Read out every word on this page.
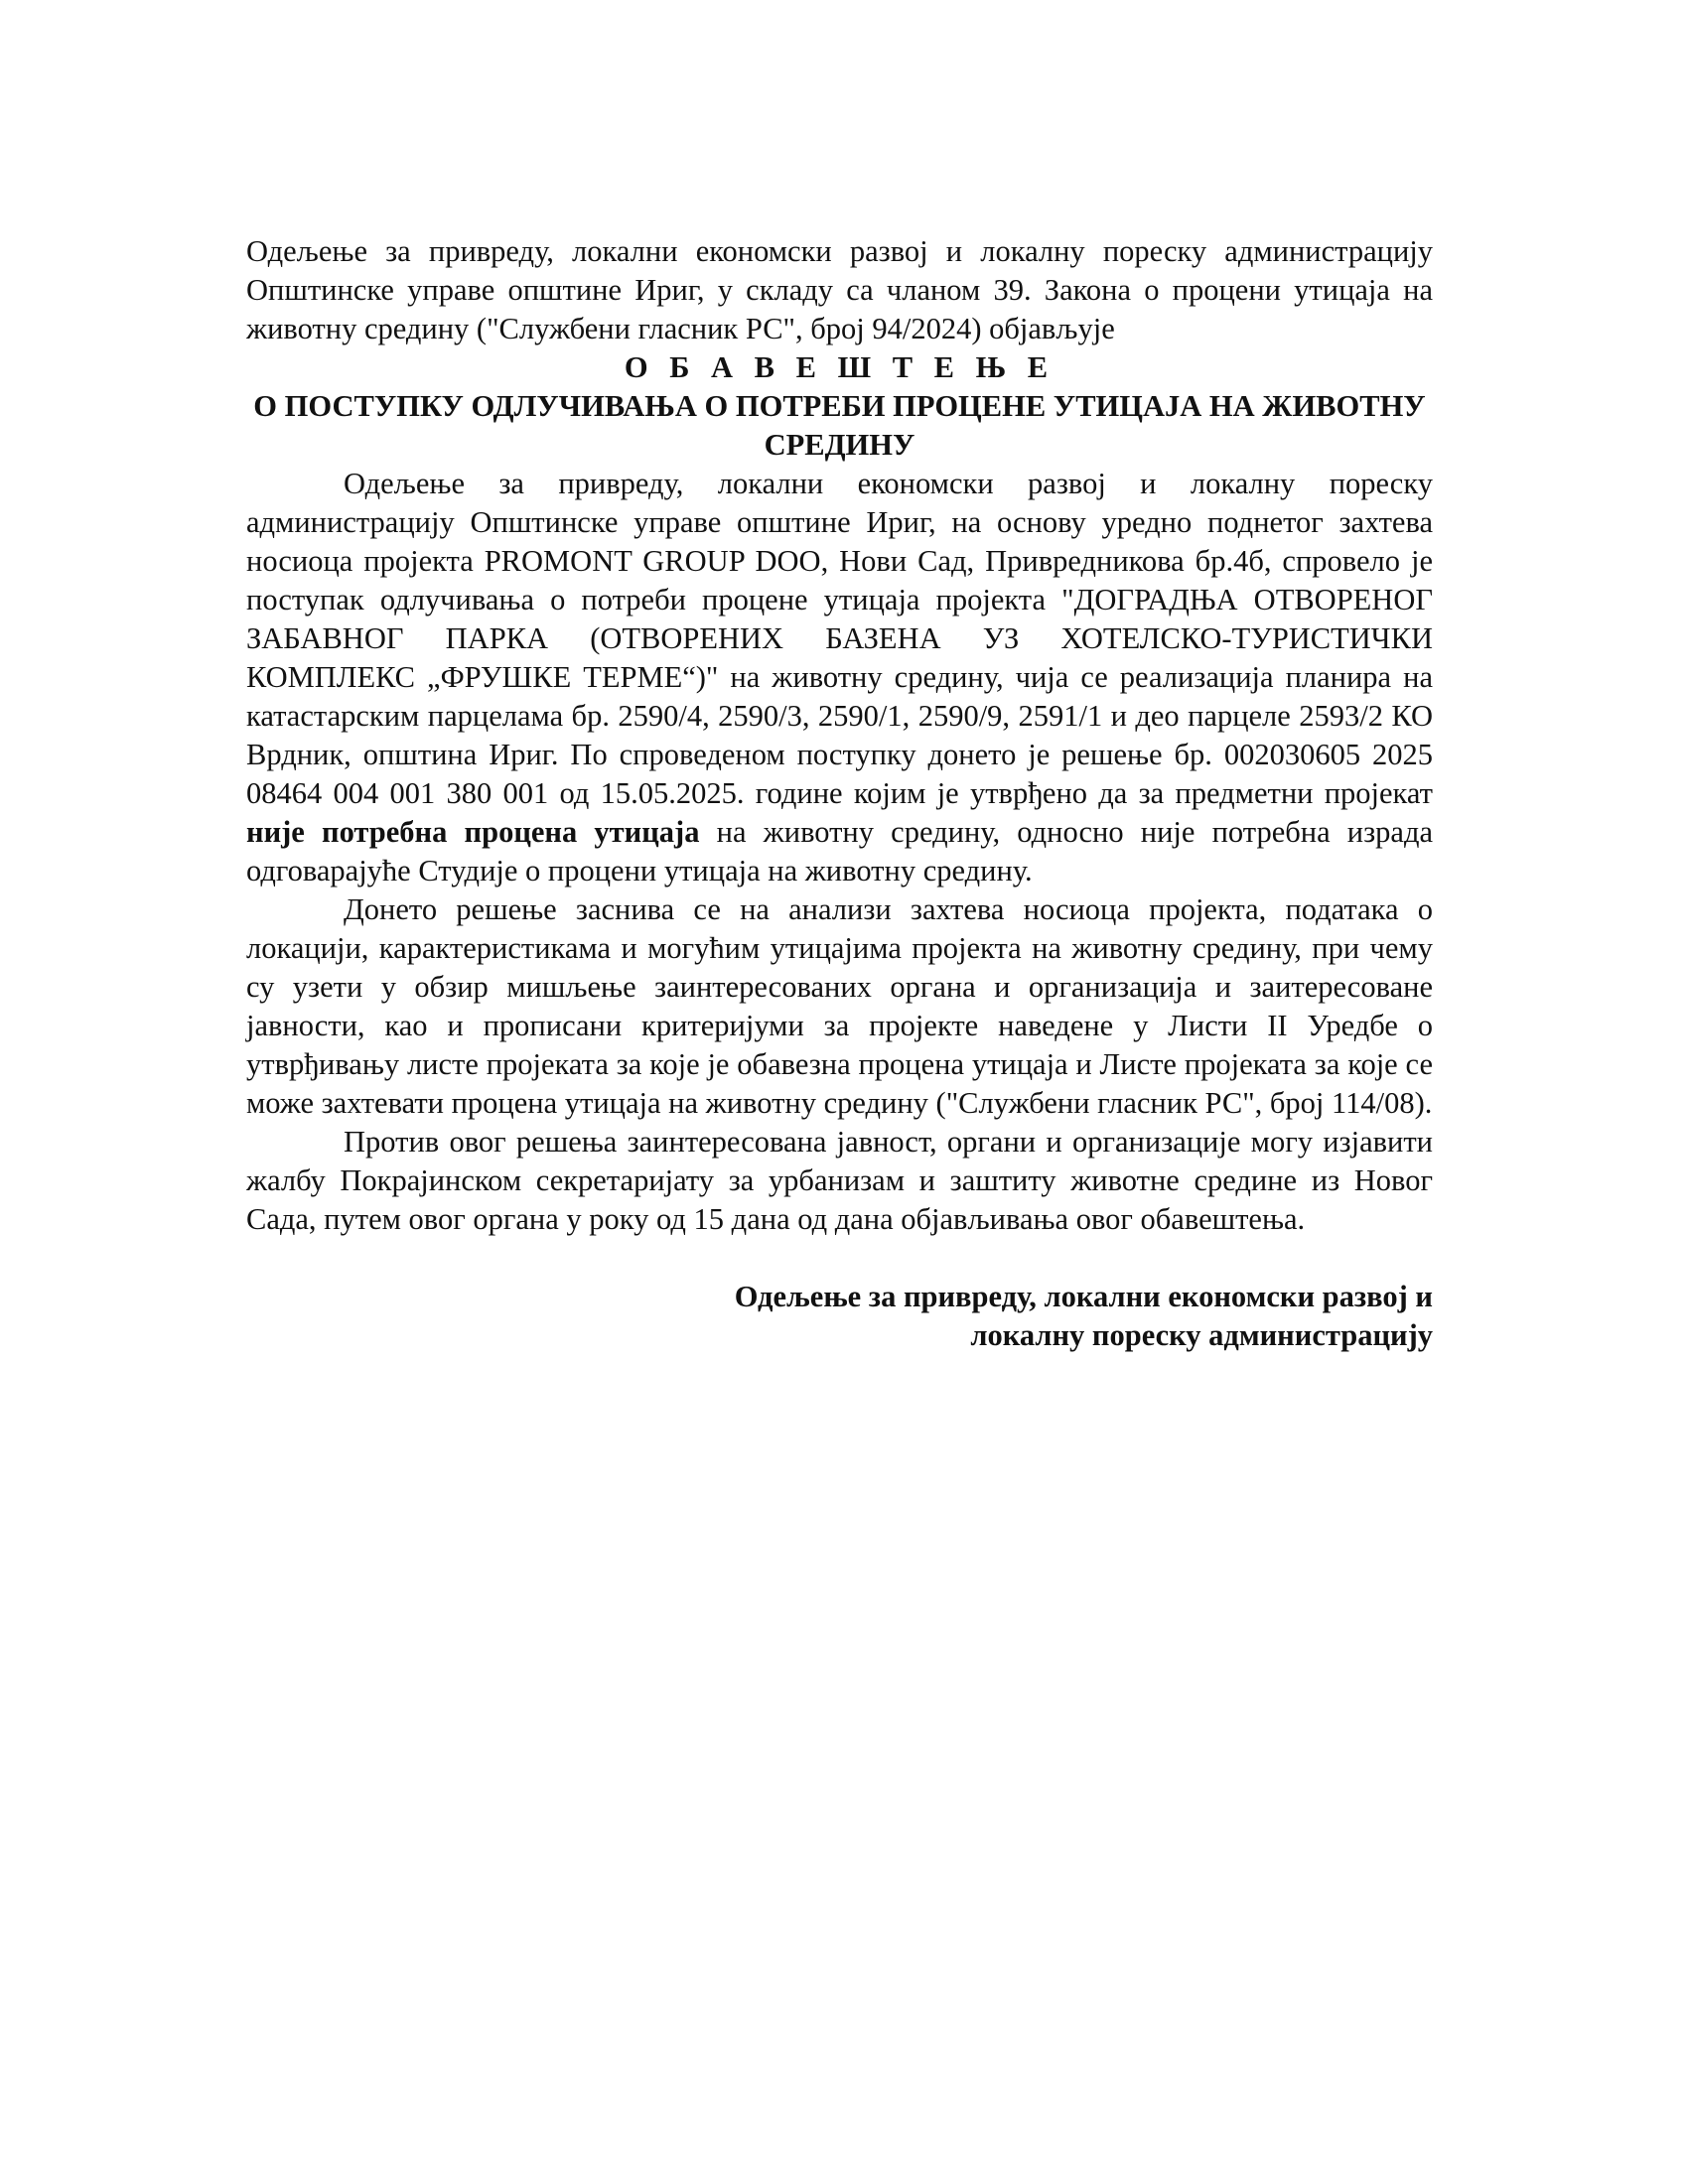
Одељење за привреду, локални економски развој и локалну пореску администрацију Општинске управе општине Ириг, у складу са чланом 39. Закона о процени утицаја на животну средину ("Службени гласник РС", број 94/2024) објављује

О Б А В Е Ш Т Е Њ Е
О ПОСТУПКУ ОДЛУЧИВАЊА О ПОТРЕБИ ПРОЦЕНЕ УТИЦАЈА НА ЖИВОТНУ СРЕДИНУ

Одељење за привреду, локални економски развој и локалну пореску администрацију Општинске управе општине Ириг, на основу уредно поднетог захтева носиоца пројекта PROMONT GROUP DOO, Нови Сад, Привредникова бр.4б, спровело је поступак одлучивања о потреби процене утицаја пројекта "ДОГРАДЊА ОТВОРЕНОГ ЗАБАВНОГ ПАРКА (ОТВОРЕНИХ БАЗЕНА УЗ ХОТЕЛСКО-ТУРИСТИЧКИ КОМПЛЕКС „ФРУШКЕ ТЕРМЕ“)" на животну средину, чија се реализација планира на катастарским парцелама бр. 2590/4, 2590/3, 2590/1, 2590/9, 2591/1 и део парцеле 2593/2 КО Врдник, општина Ириг. По спроведеном поступку донето је решење бр. 002030605 2025 08464 004 001 380 001 од 15.05.2025. године којим је утврђено да за предметни пројекат није потребна процена утицаја на животну средину, односно није потребна израда одговарајуће Студије о процени утицаја на животну средину.

Донето решење заснива се на анализи захтева носиоца пројекта, података о локацији, карактеристикама и могућим утицајима пројекта на животну средину, при чему су узети у обзир мишљење заинтересованих органа и организација и заитересоване јавности, као и прописани критеријуми за пројекте наведене у Листи II Уредбе о утврђивању листе пројеката за које је обавезна процена утицаја и Листе пројеката за које се може захтевати процена утицаја на животну средину ("Службени гласник РС", број 114/08).

Против овог решења заинтересована јавност, органи и организације могу изјавити жалбу Покрајинском секретаријату за урбанизам и заштиту животне средине из Новог Сада, путем овог органа у року од 15 дана од дана објављивања овог обавештења.

Одељење за привреду, локални економски развој и
локалну пореску администрацију
